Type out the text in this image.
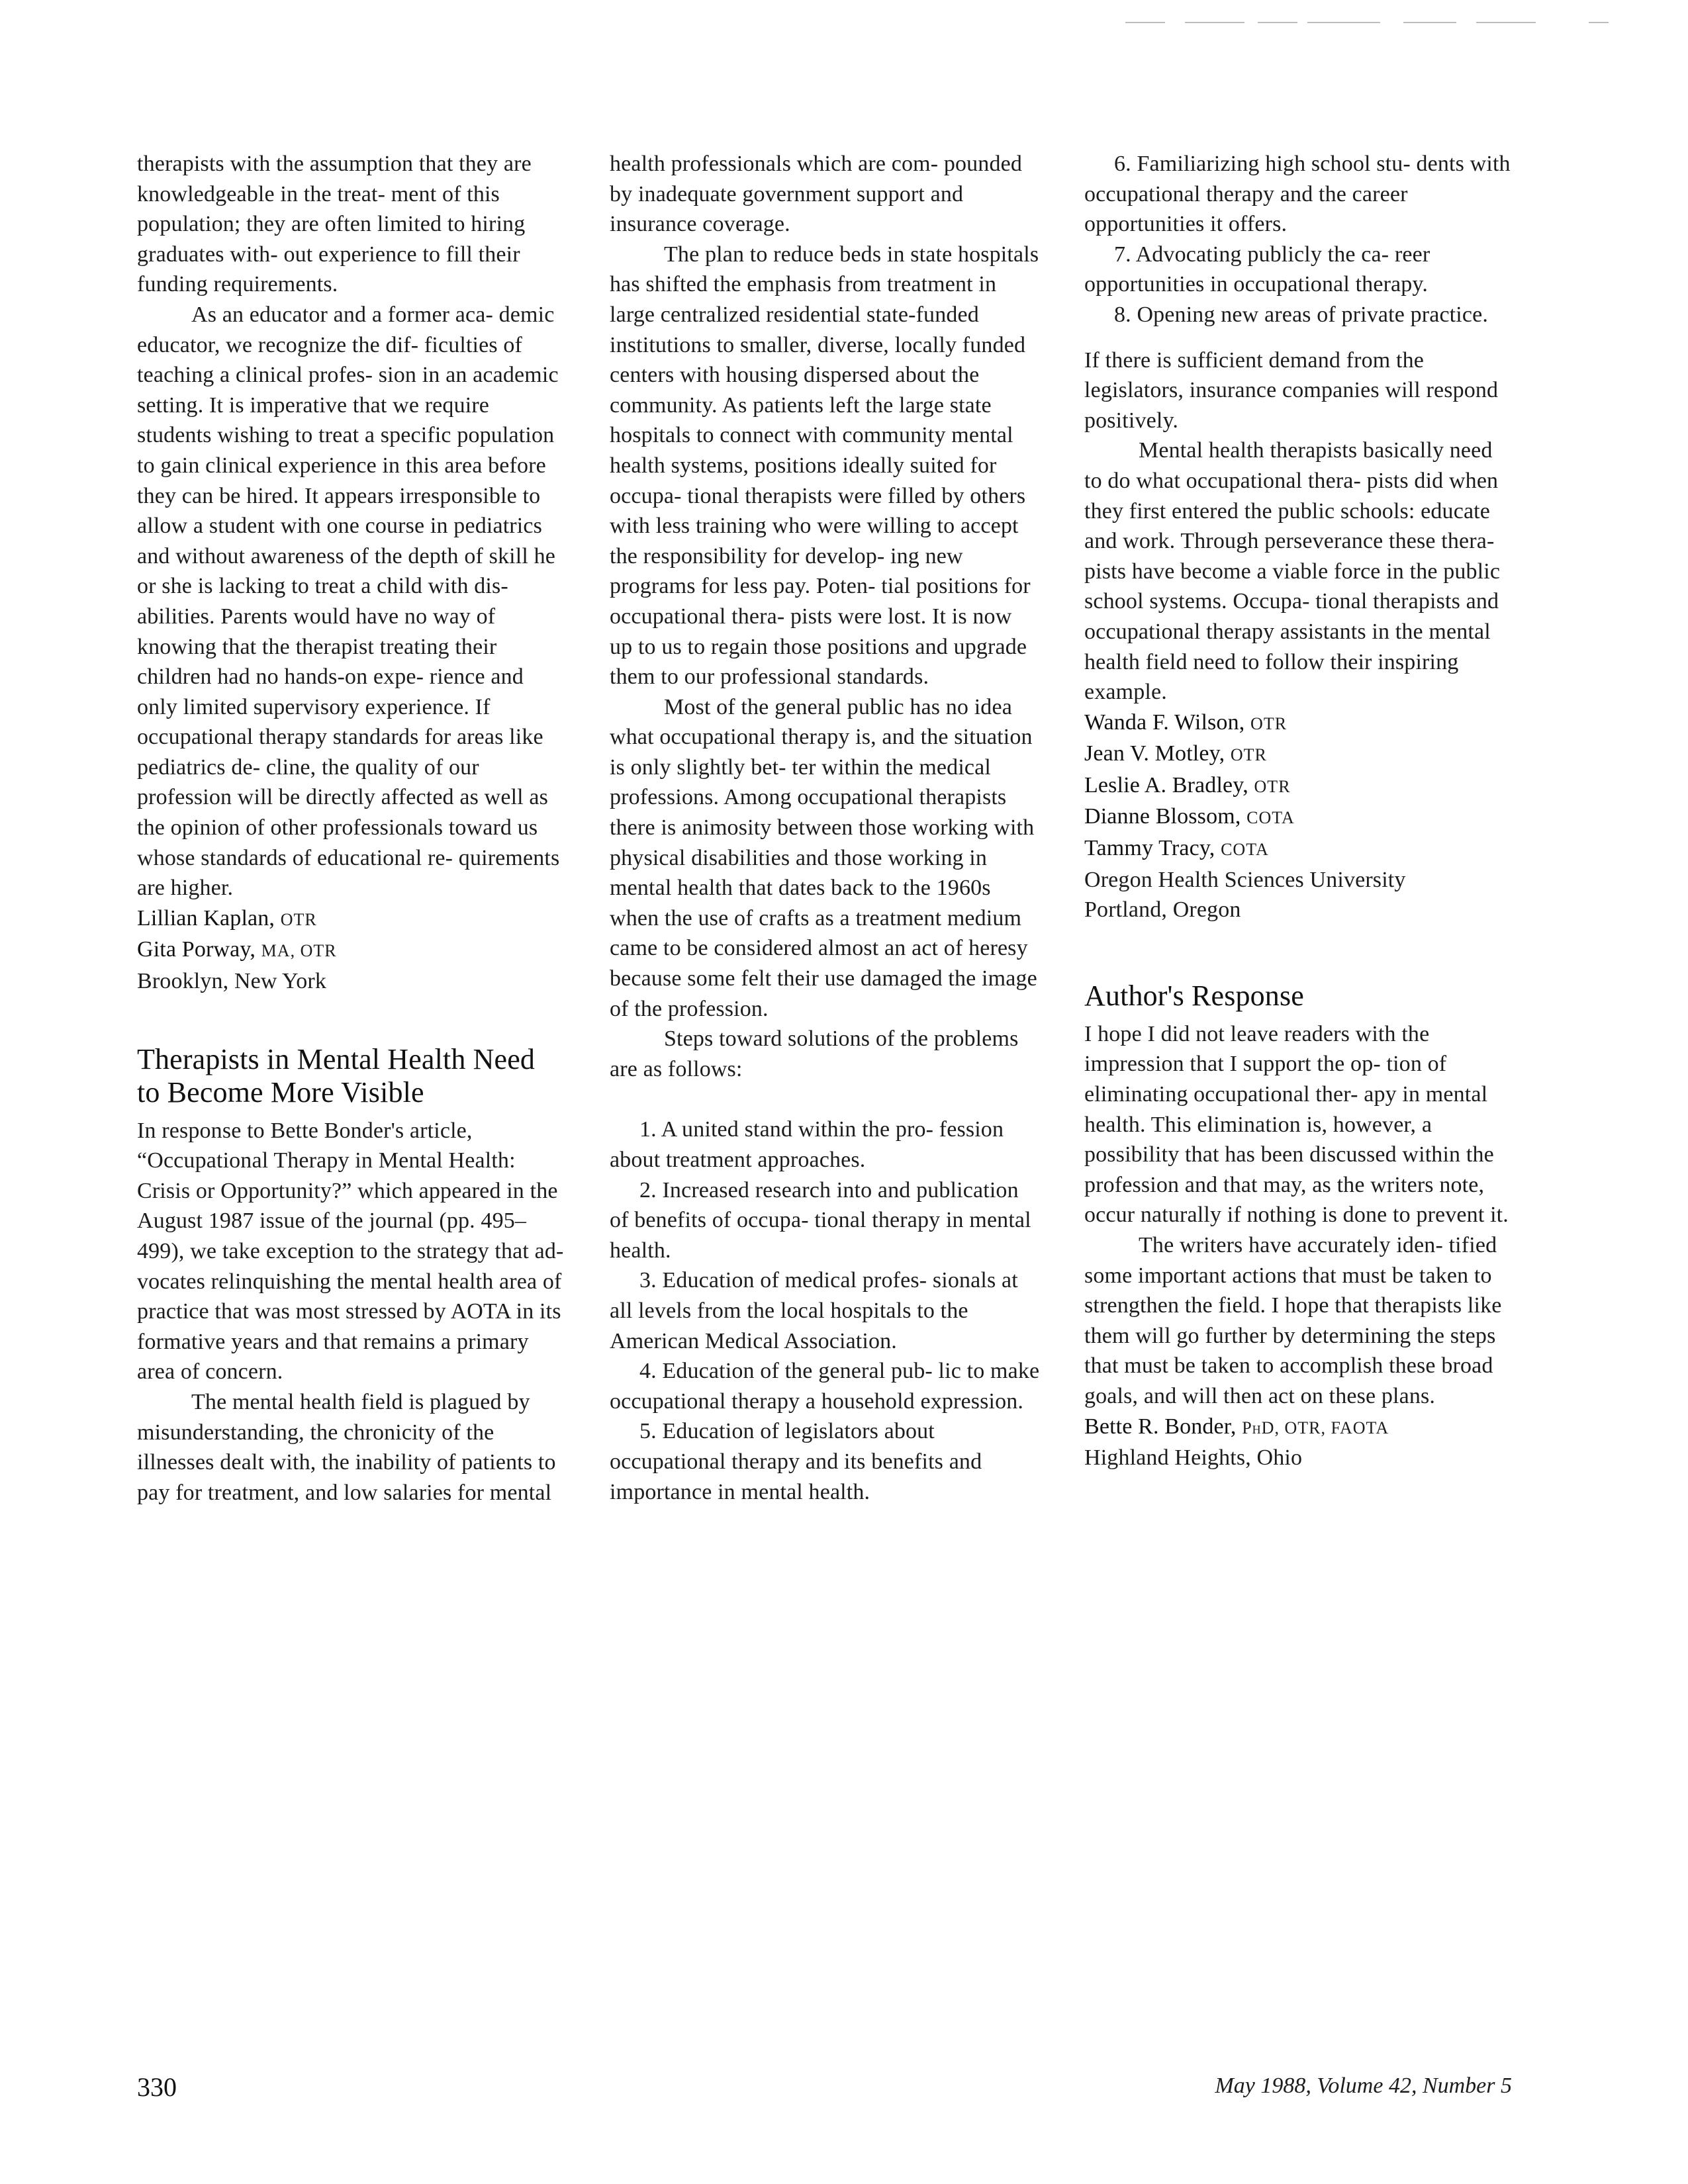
therapists with the assumption that they are knowledgeable in the treat- ment of this population; they are often limited to hiring graduates with- out experience to fill their funding requirements.

As an educator and a former aca- demic educator, we recognize the dif- ficulties of teaching a clinical profes- sion in an academic setting. It is imperative that we require students wishing to treat a specific population to gain clinical experience in this area before they can be hired. It appears irresponsible to allow a student with one course in pediatrics and without awareness of the depth of skill he or she is lacking to treat a child with dis- abilities. Parents would have no way of knowing that the therapist treating their children had no hands-on expe- rience and only limited supervisory experience. If occupational therapy standards for areas like pediatrics de- cline, the quality of our profession will be directly affected as well as the opinion of other professionals toward us whose standards of educational re- quirements are higher.

Lillian Kaplan, OTR

Gita Porway, MA, OTR

Brooklyn, New York

Therapists in Mental Health Need to Become More Visible

In response to Bette Bonder's article, “Occupational Therapy in Mental Health: Crisis or Opportunity?” which appeared in the August 1987 issue of the journal (pp. 495–499), we take exception to the strategy that ad- vocates relinquishing the mental health area of practice that was most stressed by AOTA in its formative years and that remains a primary area of concern.

The mental health field is plagued by misunderstanding, the chronicity of the illnesses dealt with, the inability of patients to pay for treatment, and low salaries for mental

health professionals which are com- pounded by inadequate government support and insurance coverage.

The plan to reduce beds in state hospitals has shifted the emphasis from treatment in large centralized residential state-funded institutions to smaller, diverse, locally funded centers with housing dispersed about the community. As patients left the large state hospitals to connect with community mental health systems, positions ideally suited for occupa- tional therapists were filled by others with less training who were willing to accept the responsibility for develop- ing new programs for less pay. Poten- tial positions for occupational thera- pists were lost. It is now up to us to regain those positions and upgrade them to our professional standards.

Most of the general public has no idea what occupational therapy is, and the situation is only slightly bet- ter within the medical professions. Among occupational therapists there is animosity between those working with physical disabilities and those working in mental health that dates back to the 1960s when the use of crafts as a treatment medium came to be considered almost an act of heresy because some felt their use damaged the image of the profession.

Steps toward solutions of the problems are as follows:

1. A united stand within the pro- fession about treatment approaches.

2. Increased research into and publication of benefits of occupa- tional therapy in mental health.

3. Education of medical profes- sionals at all levels from the local hospitals to the American Medical Association.

4. Education of the general pub- lic to make occupational therapy a household expression.

5. Education of legislators about occupational therapy and its benefits and importance in mental health.

6. Familiarizing high school stu- dents with occupational therapy and the career opportunities it offers.

7. Advocating publicly the ca- reer opportunities in occupational therapy.

8. Opening new areas of private practice.

If there is sufficient demand from the legislators, insurance companies will respond positively.

Mental health therapists basically need to do what occupational thera- pists did when they first entered the public schools: educate and work. Through perseverance these thera- pists have become a viable force in the public school systems. Occupa- tional therapists and occupational therapy assistants in the mental health field need to follow their inspiring example.

Wanda F. Wilson, OTR

Jean V. Motley, OTR

Leslie A. Bradley, OTR

Dianne Blossom, COTA

Tammy Tracy, COTA

Oregon Health Sciences University

Portland, Oregon

Author's Response

I hope I did not leave readers with the impression that I support the op- tion of eliminating occupational ther- apy in mental health. This elimination is, however, a possibility that has been discussed within the profession and that may, as the writers note, occur naturally if nothing is done to prevent it.

The writers have accurately iden- tified some important actions that must be taken to strengthen the field. I hope that therapists like them will go further by determining the steps that must be taken to accomplish these broad goals, and will then act on these plans.

Bette R. Bonder, PhD, OTR, FAOTA

Highland Heights, Ohio

330	May 1988, Volume 42, Number 5
